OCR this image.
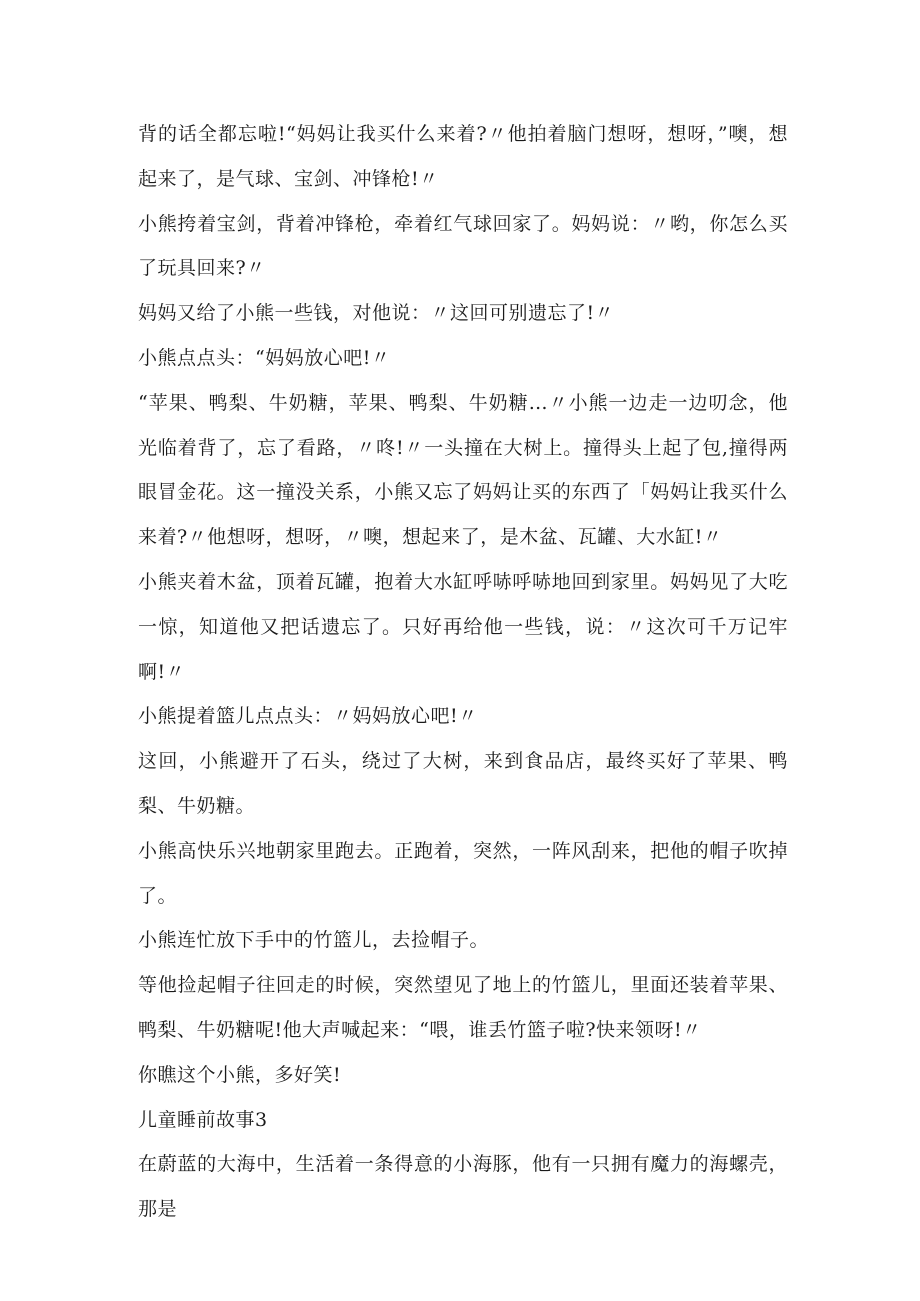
背的话全都忘啦!“妈妈让我买什么来着?〃他拍着脑门想呀，想呀，”噢，想起来了，是气球、宝剑、冲锋枪!〃

小熊挎着宝剑，背着冲锋枪，牵着红气球回家了。妈妈说：〃哟，你怎么买了玩具回来?〃

妈妈又给了小熊一些钱，对他说：〃这回可别遗忘了!〃

小熊点点头：“妈妈放心吧!〃

“苹果、鸭梨、牛奶糖，苹果、鸭梨、牛奶糖…〃小熊一边走一边叨念，他光临着背了，忘了看路，〃咚!〃一头撞在大树上。撞得头上起了包,撞得两眼冒金花。这一撞没关系，小熊又忘了妈妈让买的东西了「妈妈让我买什么来着?〃他想呀，想呀，〃噢，想起来了，是木盆、瓦罐、大水缸!〃

小熊夹着木盆，顶着瓦罐，抱着大水缸呼哧呼哧地回到家里。妈妈见了大吃一惊，知道他又把话遗忘了。只好再给他一些钱，说：〃这次可千万记牢啊!〃

小熊提着篮儿点点头：〃妈妈放心吧!〃

这回，小熊避开了石头，绕过了大树，来到食品店，最终买好了苹果、鸭梨、牛奶糖。

小熊高快乐兴地朝家里跑去。正跑着，突然，一阵风刮来，把他的帽子吹掉了。

小熊连忙放下手中的竹篮儿，去捡帽子。

等他捡起帽子往回走的时候，突然望见了地上的竹篮儿，里面还装着苹果、鸭梨、牛奶糖呢!他大声喊起来：“喂，谁丢竹篮子啦?快来领呀!〃

你瞧这个小熊，多好笑!

儿童睡前故事3

在蔚蓝的大海中，生活着一条得意的小海豚，他有一只拥有魔力的海螺壳，那是
